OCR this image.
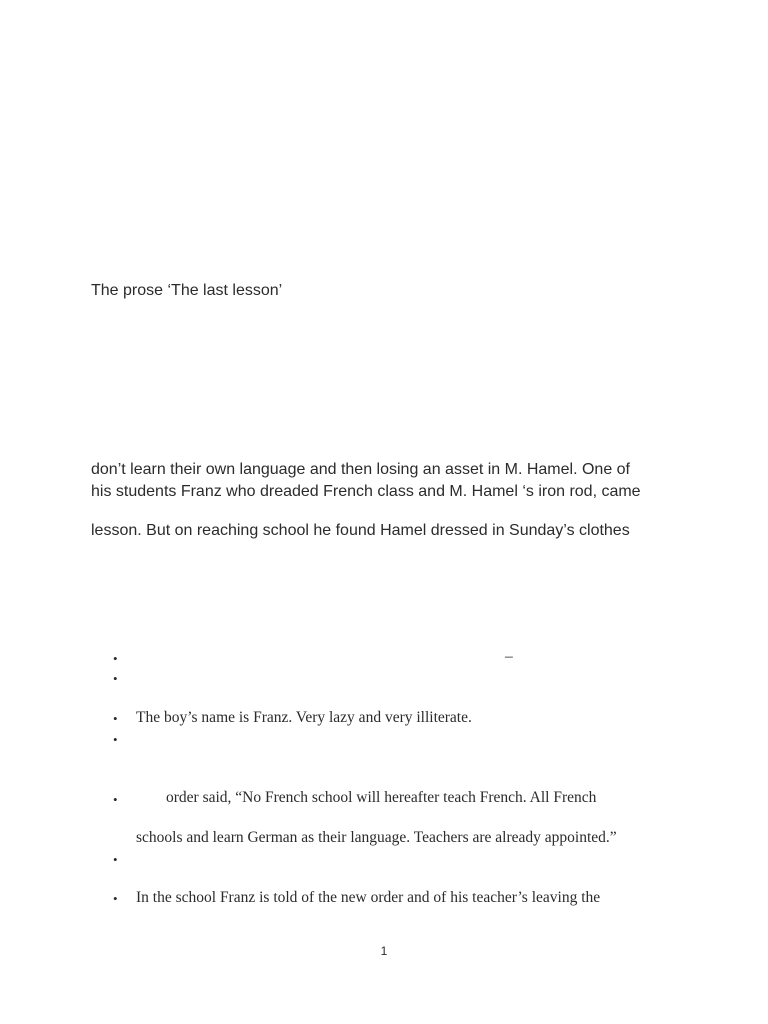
The prose ‘The last lesson’
don’t learn their own language and then losing an asset in M. Hamel. One of
his students Franz who dreaded French class and M. Hamel ‘s iron rod, came
lesson. But on reaching school he found Hamel dressed in Sunday’s clothes
•	–
•
• The boy’s name is Franz. Very lazy and very illiterate.
•
•	order said, “No French school will hereafter teach French. All French
schools and learn German as their language. Teachers are already appointed.”
•
• In the school Franz is told of the new order and of his teacher’s leaving the
1
